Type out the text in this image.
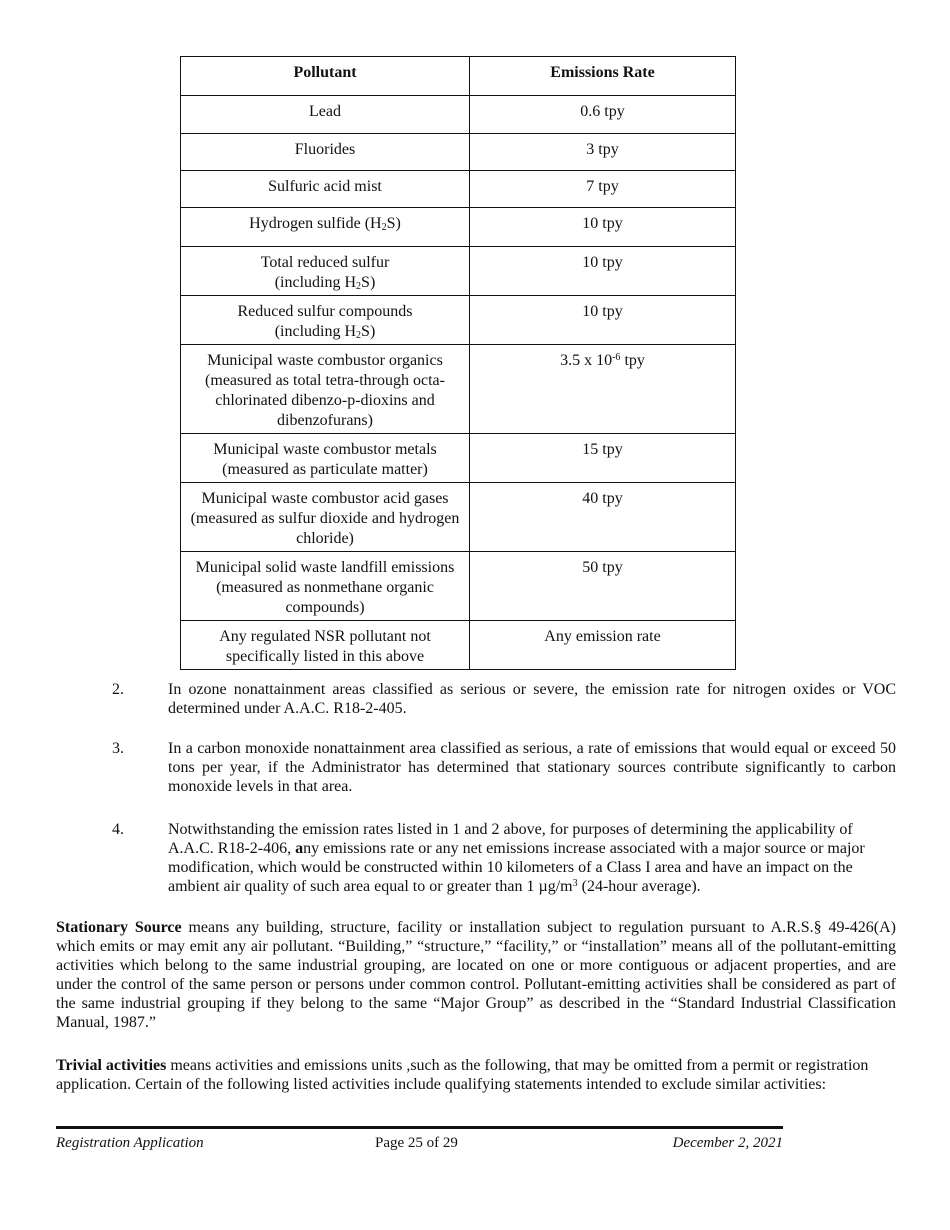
Pollutant	Emissions Rate
Lead	0.6 tpy
Fluorides	3 tpy
Sulfuric acid mist	7 tpy
Hydrogen sulfide $(H_2S)$	10 tpy
Total reduced sulfur
(including $H_2S$)	10 tpy
Reduced sulfur compounds
(including $H_2S$)	10 tpy
Municipal waste combustor organics (measured as total tetra-through octa-chlorinated dibenzo-p-dioxins and dibenzofurans)	3.5 x $10^{-6}$ tpy
Municipal waste combustor metals (measured as particulate matter)	15 tpy
Municipal waste combustor acid gases (measured as sulfur dioxide and hydrogen chloride)	40 tpy
Municipal solid waste landfill emissions (measured as nonmethane organic compounds)	50 tpy
Any regulated NSR pollutant not specifically listed in this above	Any emission rate
2.	In ozone nonattainment areas classified as serious or severe, the emission rate for nitrogen oxides or VOC determined under A.A.C. R18-2-405.
3.	In a carbon monoxide nonattainment area classified as serious, a rate of emissions that would equal or exceed 50 tons per year, if the Administrator has determined that stationary sources contribute significantly to carbon monoxide levels in that area.
4.	Notwithstanding the emission rates listed in 1 and 2 above, for purposes of determining the applicability of A.A.C. R18-2-406, any emissions rate or any net emissions increase associated with a major source or major modification, which would be constructed within 10 kilometers of a Class I area and have an impact on the ambient air quality of such area equal to or greater than 1 $\mu g/m^3$ (24-hour average).
Stationary Source means any building, structure, facility or installation subject to regulation pursuant to A.R.S.§ 49-426(A) which emits or may emit any air pollutant. “Building,” “structure,” “facility,” or “installation” means all of the pollutant-emitting activities which belong to the same industrial grouping, are located on one or more contiguous or adjacent properties, and are under the control of the same person or persons under common control. Pollutant-emitting activities shall be considered as part of the same industrial grouping if they belong to the same “Major Group” as described in the “Standard Industrial Classification Manual, 1987.”
Trivial activities means activities and emissions units ,such as the following, that may be omitted from a permit or registration application. Certain of the following listed activities include qualifying statements intended to exclude similar activities:
Registration Application	Page 25 of 29	December 2, 2021
